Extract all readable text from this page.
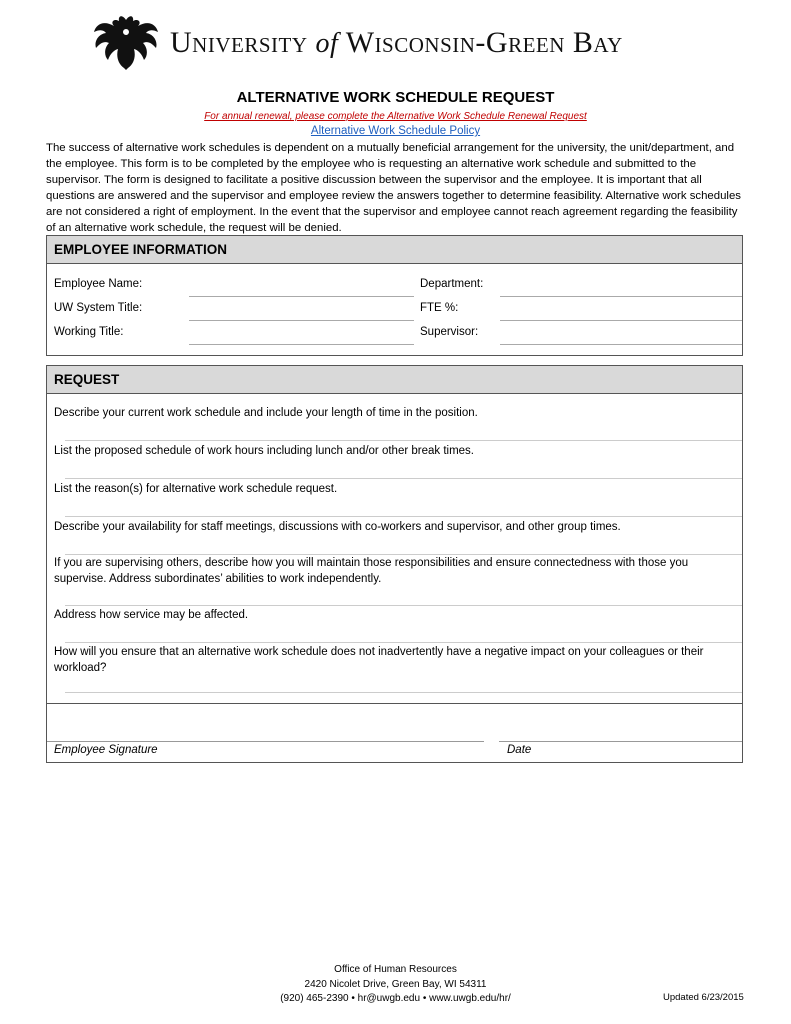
University of Wisconsin-Green Bay
ALTERNATIVE WORK SCHEDULE REQUEST
For annual renewal, please complete the Alternative Work Schedule Renewal Request
Alternative Work Schedule Policy
The success of alternative work schedules is dependent on a mutually beneficial arrangement for the university, the unit/department, and the employee. This form is to be completed by the employee who is requesting an alternative work schedule and submitted to the supervisor. The form is designed to facilitate a positive discussion between the supervisor and the employee. It is important that all questions are answered and the supervisor and employee review the answers together to determine feasibility. Alternative work schedules are not considered a right of employment. In the event that the supervisor and employee cannot reach agreement regarding the feasibility of an alternative work schedule, the request will be denied.
EMPLOYEE INFORMATION
Employee Name:
UW System Title:
Working Title:
Department:
FTE %:
Supervisor:
REQUEST
Describe your current work schedule and include your length of time in the position.
List the proposed schedule of work hours including lunch and/or other break times.
List the reason(s) for alternative work schedule request.
Describe your availability for staff meetings, discussions with co-workers and supervisor, and other group times.
If you are supervising others, describe how you will maintain those responsibilities and ensure connectedness with those you supervise. Address subordinates’ abilities to work independently.
Address how service may be affected.
How will you ensure that an alternative work schedule does not inadvertently have a negative impact on your colleagues or their workload?
Employee Signature	Date
Office of Human Resources
2420 Nicolet Drive, Green Bay, WI 54311
(920) 465-2390 • hr@uwgb.edu • www.uwgb.edu/hr/	Updated 6/23/2015
